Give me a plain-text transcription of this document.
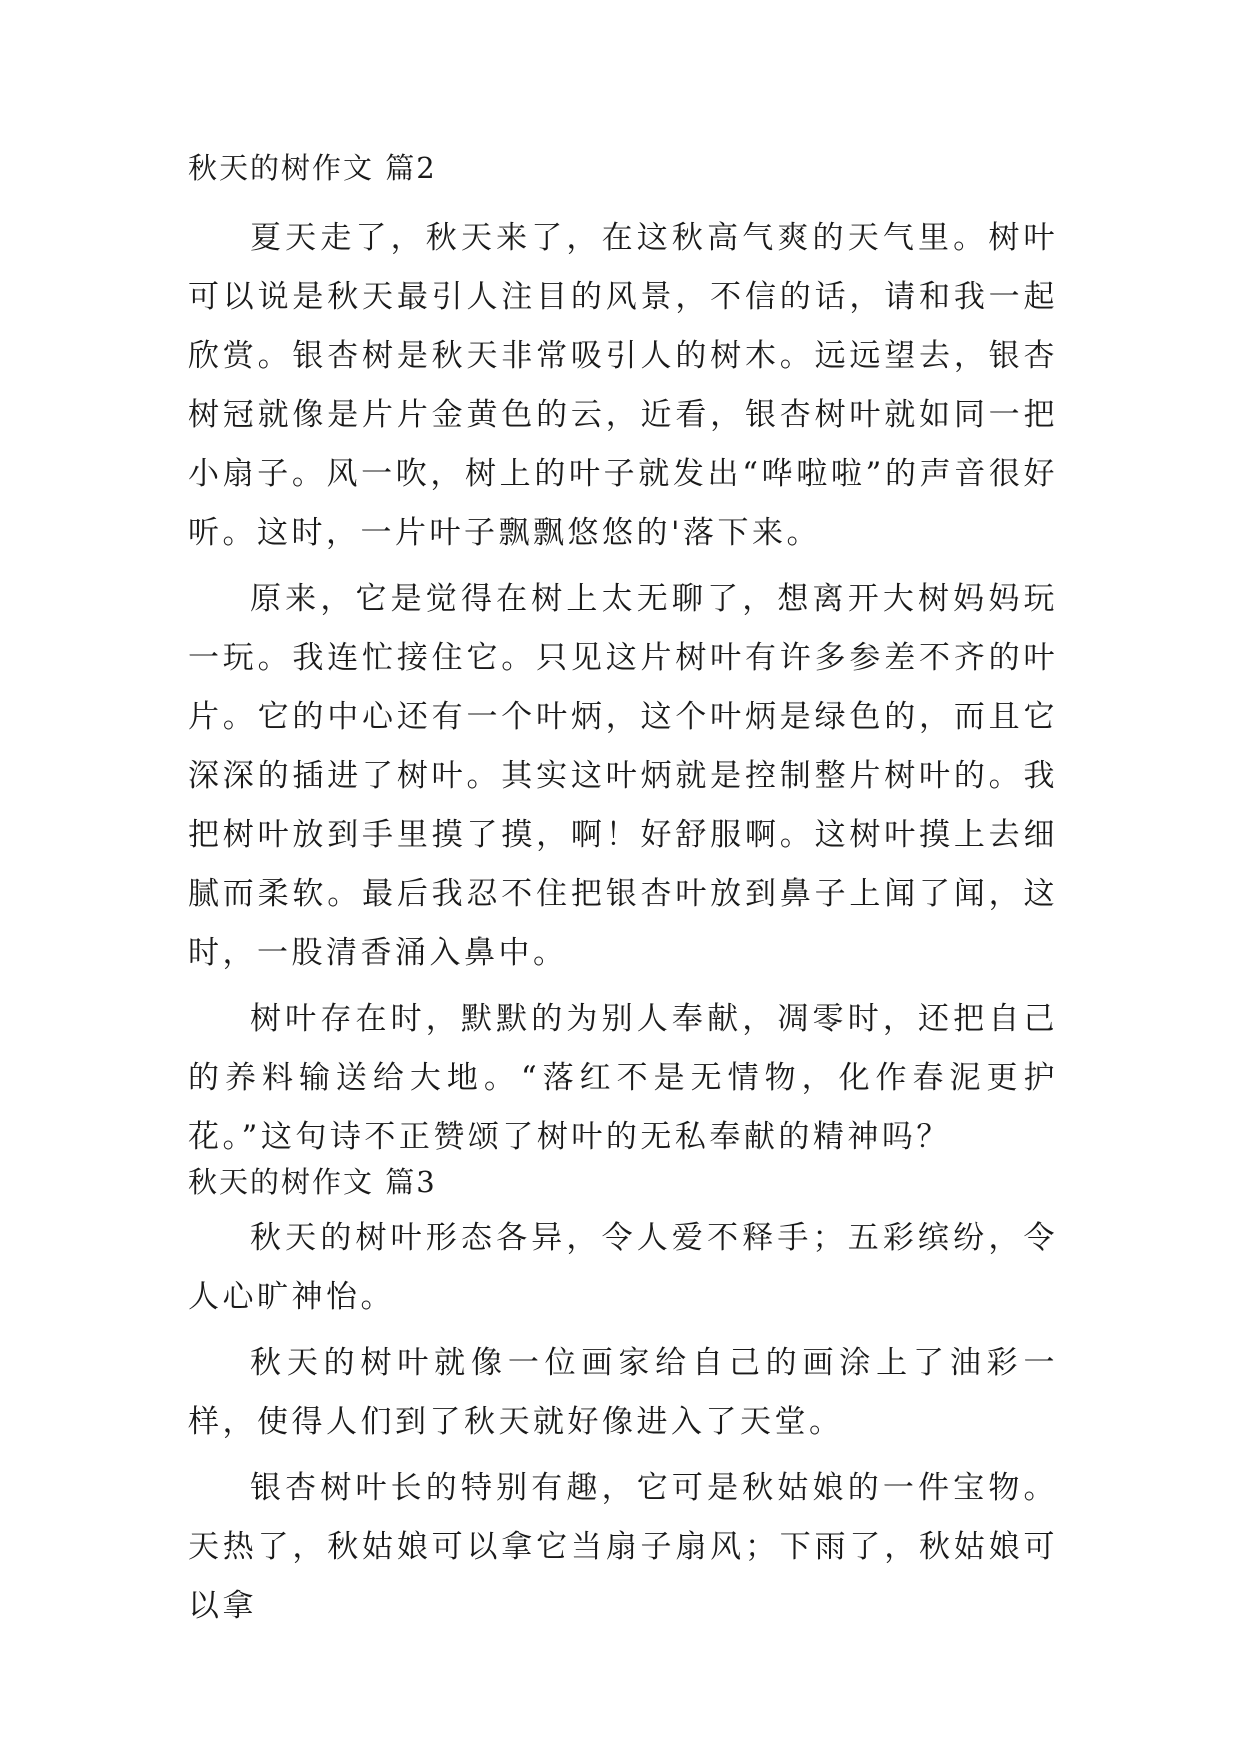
秋天的树作文 篇2

夏天走了，秋天来了，在这秋高气爽的天气里。树叶可以说是秋天最引人注目的风景，不信的话，请和我一起欣赏。银杏树是秋天非常吸引人的树木。远远望去，银杏树冠就像是片片金黄色的云，近看，银杏树叶就如同一把小扇子。风一吹，树上的叶子就发出“哗啦啦”的声音很好听。这时，一片叶子飘飘悠悠的'落下来。

原来，它是觉得在树上太无聊了，想离开大树妈妈玩一玩。我连忙接住它。只见这片树叶有许多参差不齐的叶片。它的中心还有一个叶炳，这个叶炳是绿色的，而且它深深的插进了树叶。其实这叶炳就是控制整片树叶的。我把树叶放到手里摸了摸，啊！好舒服啊。这树叶摸上去细腻而柔软。最后我忍不住把银杏叶放到鼻子上闻了闻，这时，一股清香涌入鼻中。

树叶存在时，默默的为别人奉献，凋零时，还把自己的养料输送给大地。“落红不是无情物，化作春泥更护花。”这句诗不正赞颂了树叶的无私奉献的精神吗？

秋天的树作文 篇3

秋天的树叶形态各异，令人爱不释手；五彩缤纷，令人心旷神怡。

秋天的树叶就像一位画家给自己的画涂上了油彩一样，使得人们到了秋天就好像进入了天堂。

银杏树叶长的特别有趣，它可是秋姑娘的一件宝物。天热了，秋姑娘可以拿它当扇子扇风；下雨了，秋姑娘可以拿
